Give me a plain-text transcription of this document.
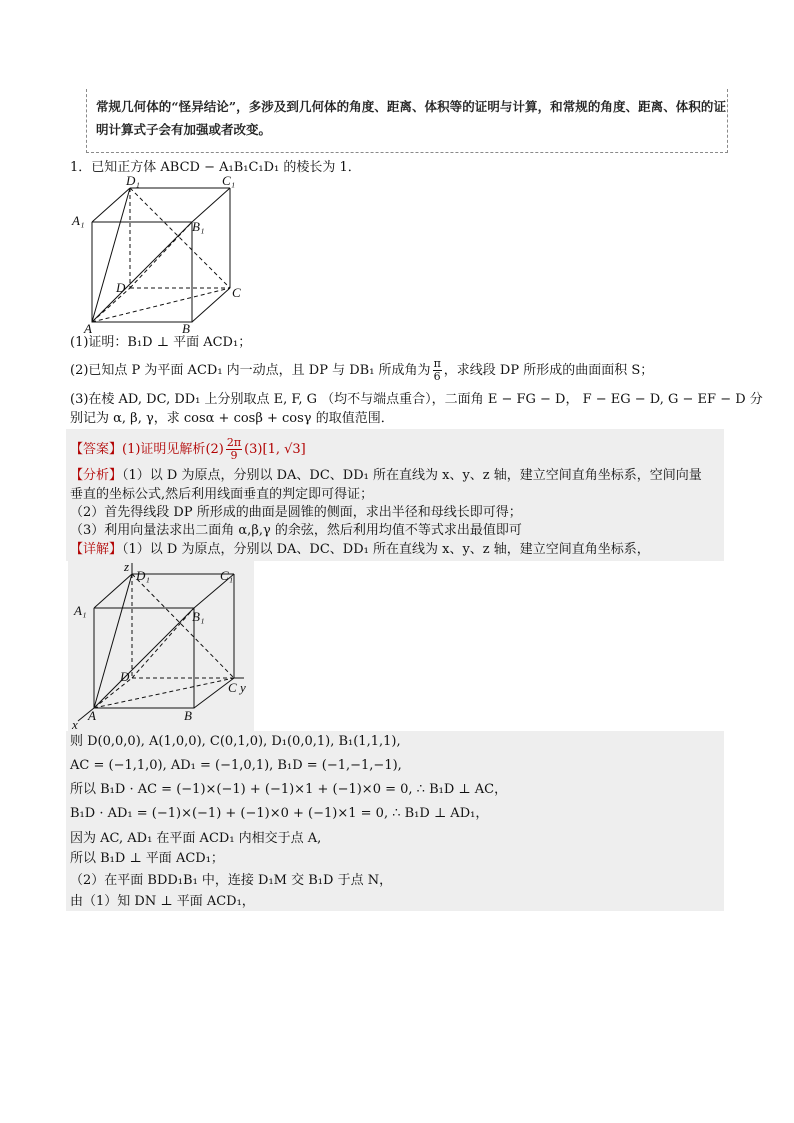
常规几何体的“怪异结论”，多涉及到几何体的角度、距离、体积等的证明与计算，和常规的角度、距离、体积的证明计算式子会有加强或者改变。
1．已知正方体 ABCD − A₁B₁C₁D₁ 的棱长为 1．
D₁	C₁
A₁	B₁
D	C
A	B
(1)证明：B₁D ⊥ 平面 ACD₁；
(2)已知点 P 为平面 ACD₁ 内一动点，且 DP 与 DB₁ 所成角为 $\frac{\pi}{6}$ ，求线段 DP 所形成的曲面面积 S；
(3)在棱 AD, DC, DD₁ 上分别取点 E, F, G （均不与端点重合），二面角 E − FG − D， F − EG − D, G − EF − D 分
别记为 α, β, γ，求 cosα + cosβ + cosγ 的取值范围．
【答案】(1)证明见解析$(2) \frac{2\pi}{9} (3)[1$, √3]
【分析】（1）以 D 为原点，分别以 DA、DC、DD₁ 所在直线为 x、y、z 轴，建立空间直角坐标系，空间向量
垂直的坐标公式,然后利用线面垂直的判定即可得证；
（2）首先得线段 DP 所形成的曲面是圆锥的侧面，求出半径和母线长即可得；
（3）利用向量法求出二面角 α,β,γ 的余弦，然后利用均值不等式求出最值即可
【详解】（1）以 D 为原点，分别以 DA、DC、DD₁ 所在直线为 x、y、z 轴，建立空间直角坐标系，
z
D₁	C₁
A₁	B₁
D
C y
A	B
x
则 D(0,0,0), A(1,0,0), C(0,1,0), D₁(0,0,1), B₁(1,1,1),
AC = (−1,1,0), AD₁ = (−1,0,1), B₁D = (−1,−1,−1),
所以 B₁D · AC = (−1)×(−1) + (−1)×1 + (−1)×0 = 0, ∴ B₁D ⊥ AC，
B₁D · AD₁ = (−1)×(−1) + (−1)×0 + (−1)×1 = 0, ∴ B₁D ⊥ AD₁，
因为 AC, AD₁ 在平面 ACD₁ 内相交于点 A,
所以 B₁D ⊥ 平面 ACD₁；
（2）在平面 BDD₁B₁ 中，连接 D₁M 交 B₁D 于点 N，
由（1）知 DN ⊥ 平面 ACD₁，
